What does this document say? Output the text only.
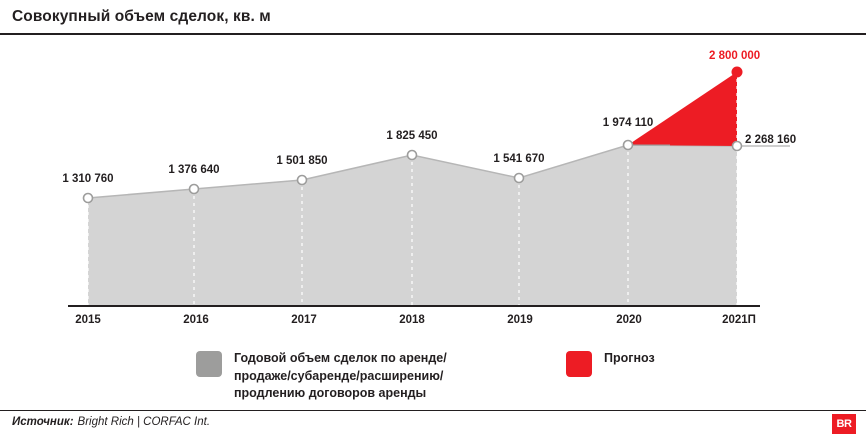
Совокупный объем сделок, кв. м
1 310 760
1 376 640
1 501 850
1 825 450
1 541 670
1 974 110
2 268 160
2 800 000
2015	2016	2017	2018	2019	2020	2021П
Годовой объем сделок по аренде/
продаже/субаренде/расширению/
продлению договоров аренды
Прогноз
Источник: Bright Rich | CORFAC Int.	BR
